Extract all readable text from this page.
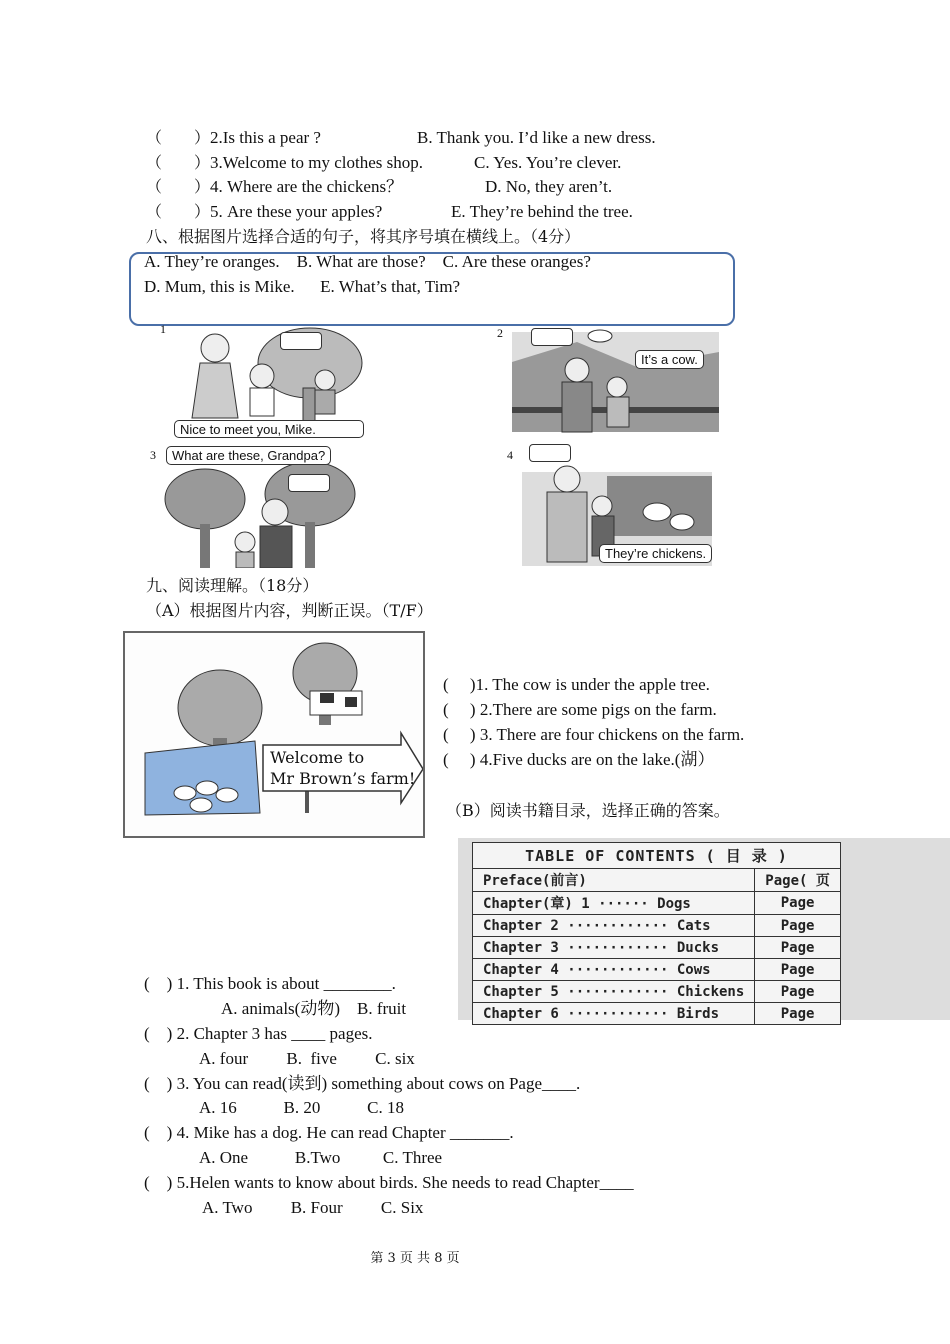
（　　）2.Is this a pear ?	B. Thank you. I’d like a new dress.
（　　）3.Welcome to my clothes shop.	C. Yes. You’re clever.
（　　）4. Where are the chickens？	D. No, they aren’t.
（　　）5. Are these your apples?	E. They’re behind the tree.
八、根据图片选择合适的句子，将其序号填在横线上。（4分）
A. They’re oranges.    B. What are those?    C. Are these oranges?
D. Mum, this is Mike.      E. What’s that, Tim?
1
Nice to meet you, Mike.
2
It’s a cow.
3	What are these, Grandpa?	4
They’re chickens.
九、阅读理解。（18分）
（A）根据图片内容，判断正误。（T/F）
Welcome to
Mr Brown’s farm!
(     )1. The cow is under the apple tree.
(     ) 2.There are some pigs on the farm.
(     ) 3. There are four chickens on the farm.
(     ) 4.Five ducks are on the lake.(湖）
（B）阅读书籍目录，选择正确的答案。
TABLE OF CONTENTS ( 目 录 )	
Preface(前言)	Page( 页
Chapter(章) 1 ······ Dogs	Page
Chapter 2 ············ Cats	Page
Chapter 3 ············ Ducks	Page
Chapter 4 ············ Cows	Page
Chapter 5 ············ Chickens	Page
Chapter 6 ············ Birds	Page
(    ) 1. This book is about ________.
A. animals(动物)    B. fruit
(    ) 2. Chapter 3 has ____ pages.
A. four         B.  five         C. six
(    ) 3. You can read(读到) something about cows on Page____.
A. 16           B. 20           C. 18
(    ) 4. Mike has a dog. He can read Chapter _______.
A. One           B.Two          C. Three
(    ) 5.Helen wants to know about birds. She needs to read Chapter____
A. Two         B. Four         C. Six
第 3 页 共 8 页
